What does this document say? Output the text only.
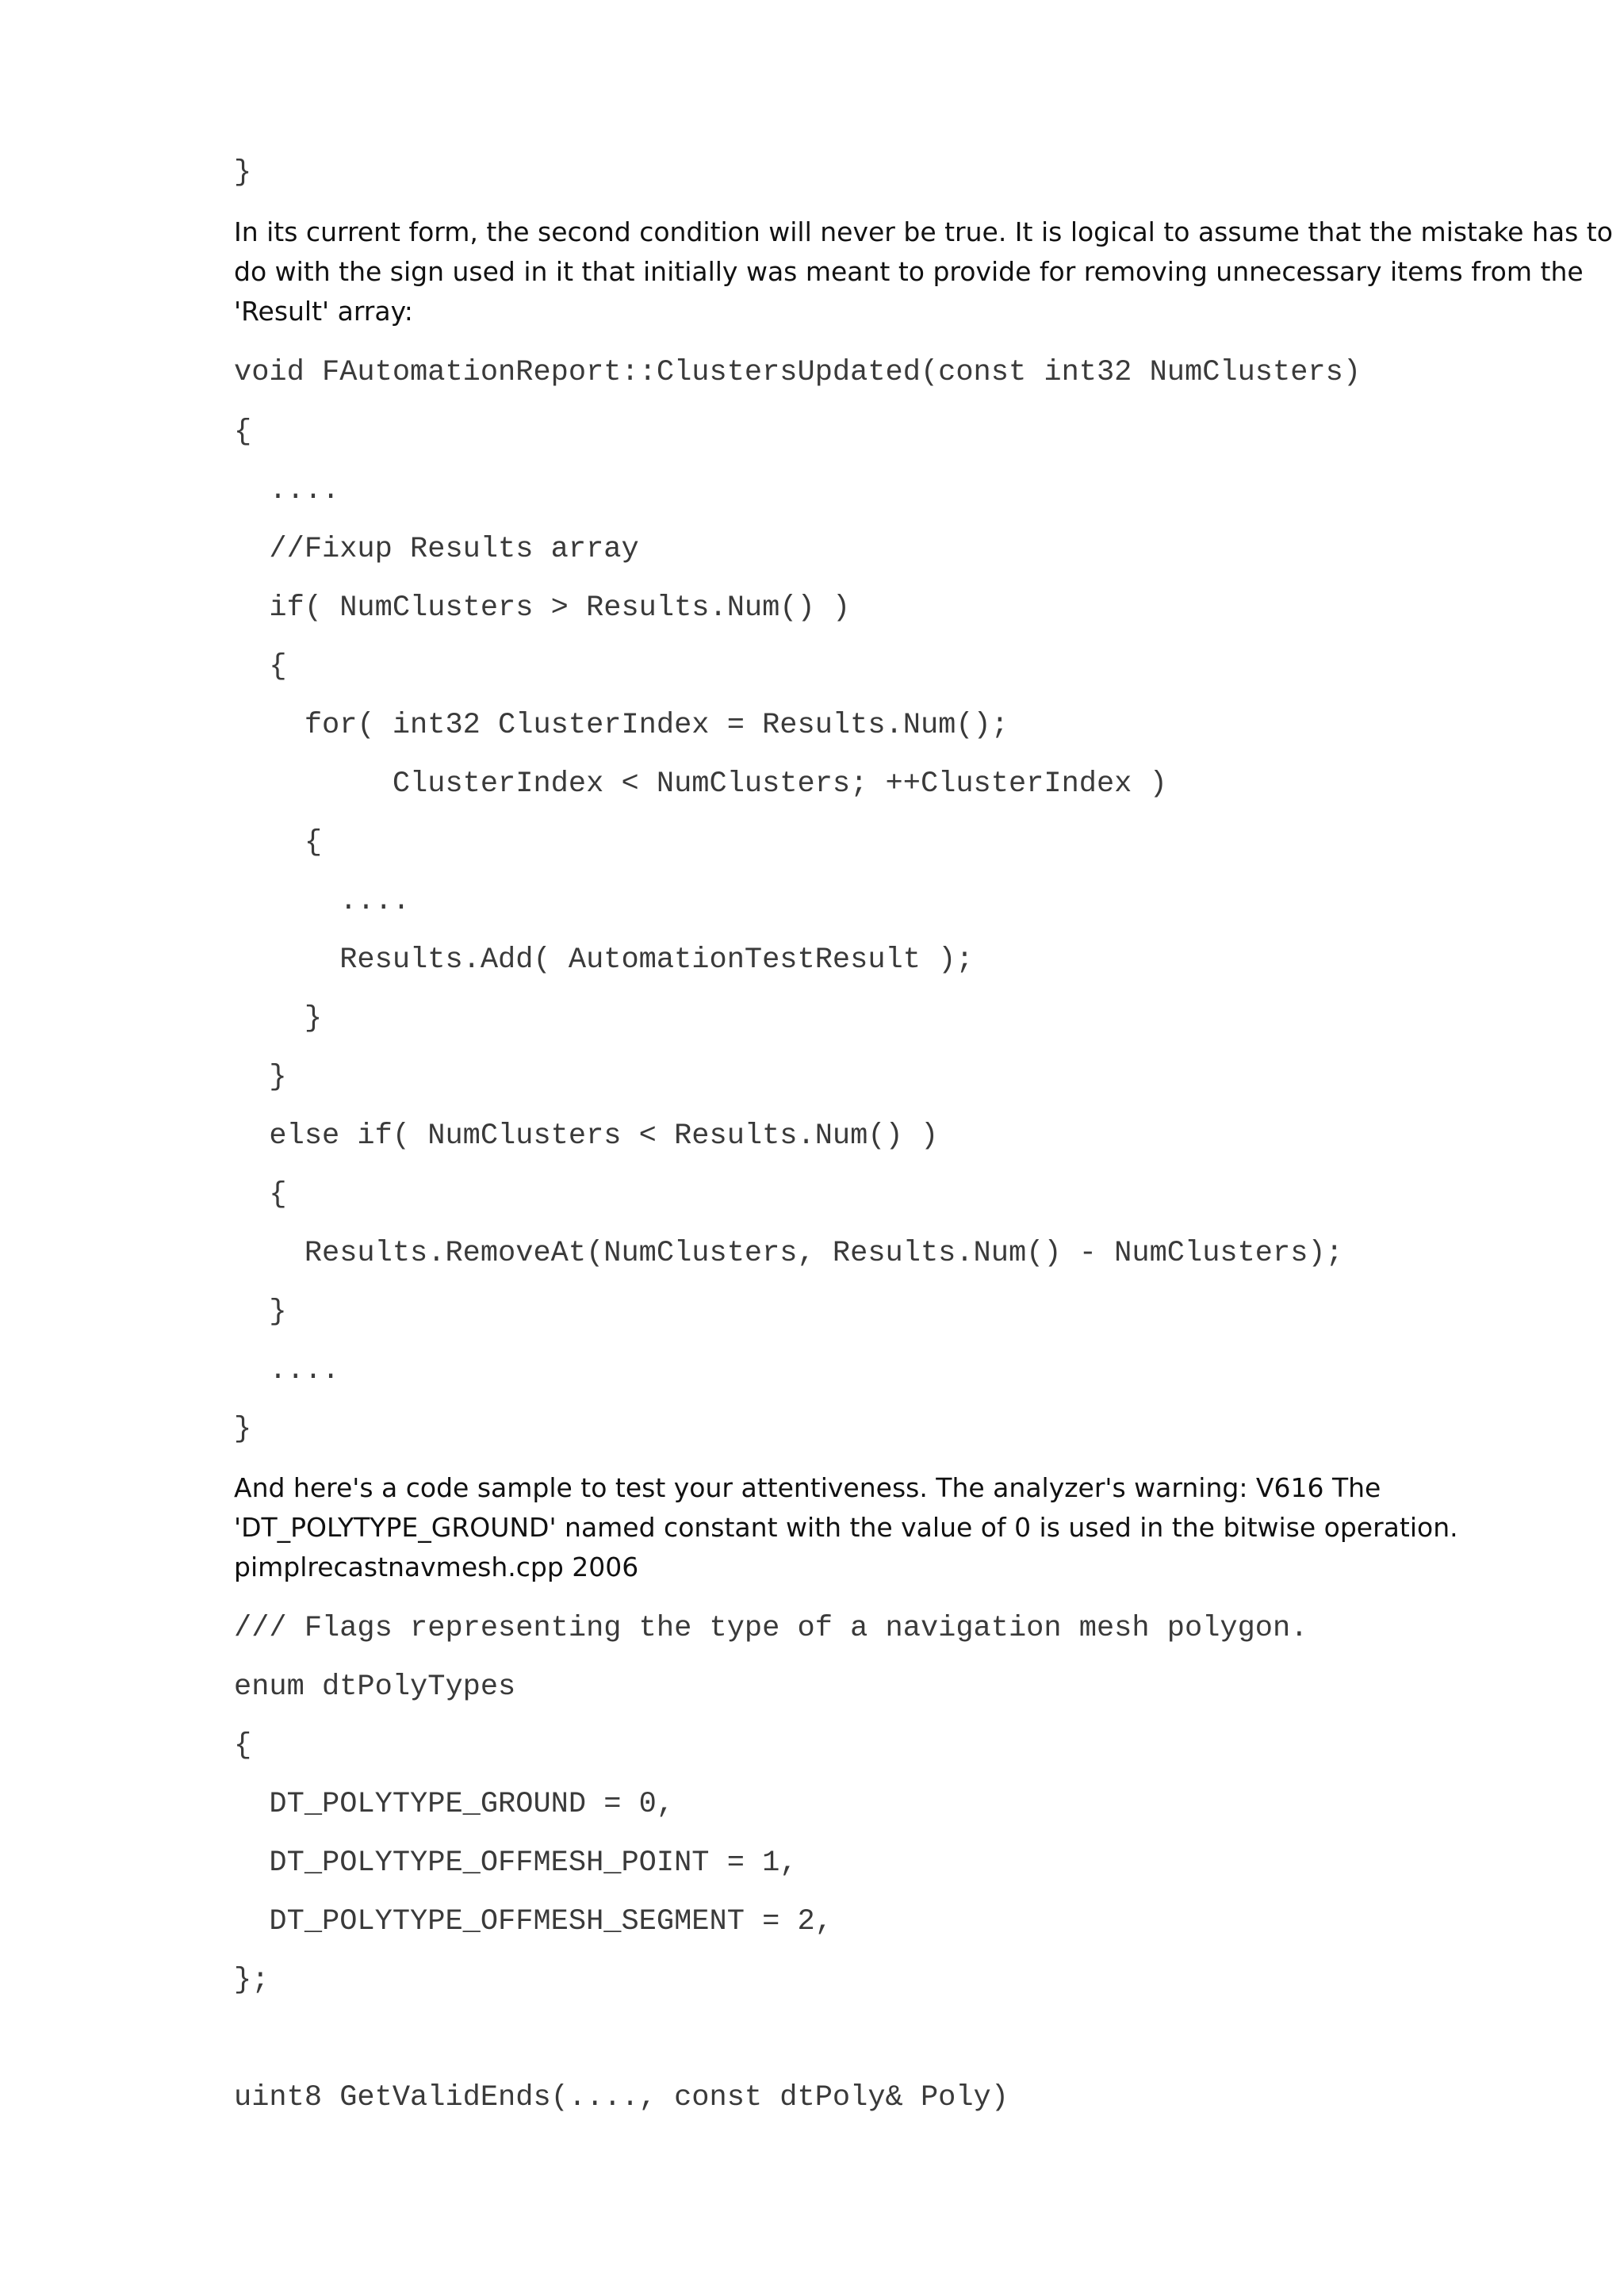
}
In its current form, the second condition will never be true. It is logical to assume that the mistake has to
do with the sign used in it that initially was meant to provide for removing unnecessary items from the
'Result' array:
void FAutomationReport::ClustersUpdated(const int32 NumClusters)
{
....
//Fixup Results array
if( NumClusters > Results.Num() )
{
for( int32 ClusterIndex = Results.Num();
ClusterIndex < NumClusters; ++ClusterIndex )
{
....
Results.Add( AutomationTestResult );
}
}
else if( NumClusters < Results.Num() )
{
Results.RemoveAt(NumClusters, Results.Num() - NumClusters);
}
....
}
And here's a code sample to test your attentiveness. The analyzer's warning: V616 The
'DT_POLYTYPE_GROUND' named constant with the value of 0 is used in the bitwise operation.
pimplrecastnavmesh.cpp 2006
/// Flags representing the type of a navigation mesh polygon.
enum dtPolyTypes
{
DT_POLYTYPE_GROUND = 0,
DT_POLYTYPE_OFFMESH_POINT = 1,
DT_POLYTYPE_OFFMESH_SEGMENT = 2,
};
uint8 GetValidEnds(...., const dtPoly& Poly)
